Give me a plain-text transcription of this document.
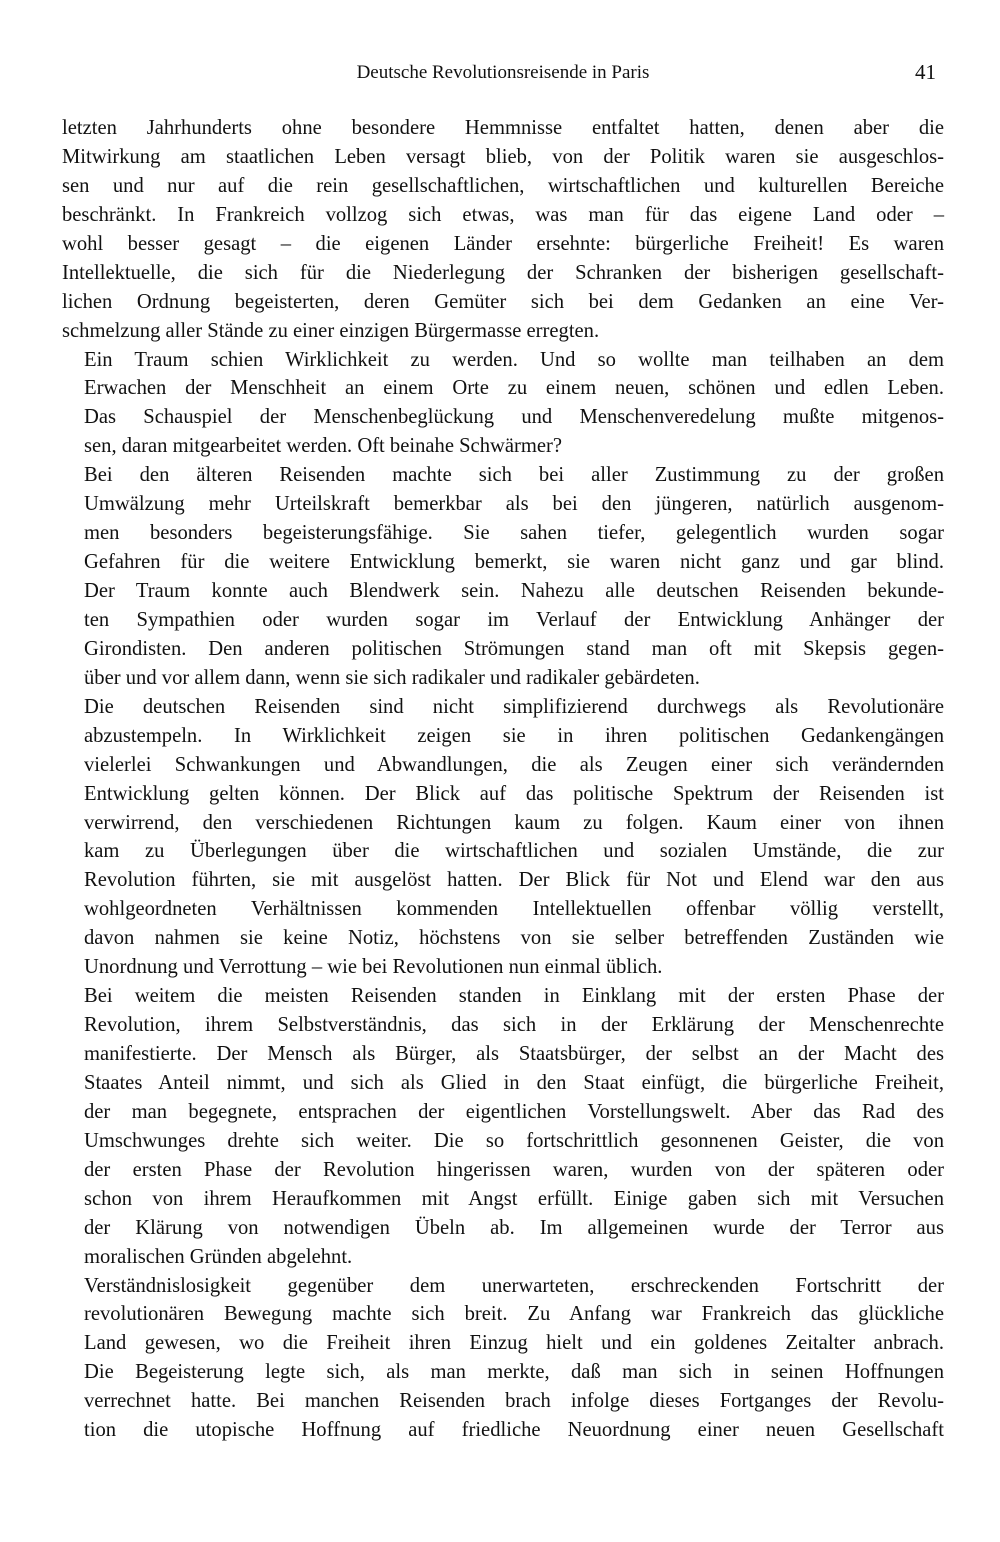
Deutsche Revolutionsreisende in Paris	41

letzten Jahrhunderts ohne besondere Hemmnisse entfaltet hatten, denen aber die
Mitwirkung am staatlichen Leben versagt blieb, von der Politik waren sie ausgeschlos-
sen und nur auf die rein gesellschaftlichen, wirtschaftlichen und kulturellen Bereiche
beschränkt. In Frankreich vollzog sich etwas, was man für das eigene Land oder –
wohl besser gesagt – die eigenen Länder ersehnte: bürgerliche Freiheit! Es waren
Intellektuelle, die sich für die Niederlegung der Schranken der bisherigen gesellschaft-
lichen Ordnung begeisterten, deren Gemüter sich bei dem Gedanken an eine Ver-
schmelzung aller Stände zu einer einzigen Bürgermasse erregten.

Ein Traum schien Wirklichkeit zu werden. Und so wollte man teilhaben an dem
Erwachen der Menschheit an einem Orte zu einem neuen, schönen und edlen Leben.
Das Schauspiel der Menschenbeglückung und Menschenveredelung mußte mitgenos-
sen, daran mitgearbeitet werden. Oft beinahe Schwärmer?

Bei den älteren Reisenden machte sich bei aller Zustimmung zu der großen
Umwälzung mehr Urteilskraft bemerkbar als bei den jüngeren, natürlich ausgenom-
men besonders begeisterungsfähige. Sie sahen tiefer, gelegentlich wurden sogar
Gefahren für die weitere Entwicklung bemerkt, sie waren nicht ganz und gar blind.
Der Traum konnte auch Blendwerk sein. Nahezu alle deutschen Reisenden bekunde-
ten Sympathien oder wurden sogar im Verlauf der Entwicklung Anhänger der
Girondisten. Den anderen politischen Strömungen stand man oft mit Skepsis gegen-
über und vor allem dann, wenn sie sich radikaler und radikaler gebärdeten.

Die deutschen Reisenden sind nicht simplifizierend durchwegs als Revolutionäre
abzustempeln. In Wirklichkeit zeigen sie in ihren politischen Gedankengängen
vielerlei Schwankungen und Abwandlungen, die als Zeugen einer sich verändernden
Entwicklung gelten können. Der Blick auf das politische Spektrum der Reisenden ist
verwirrend, den verschiedenen Richtungen kaum zu folgen. Kaum einer von ihnen
kam zu Überlegungen über die wirtschaftlichen und sozialen Umstände, die zur
Revolution führten, sie mit ausgelöst hatten. Der Blick für Not und Elend war den aus
wohlgeordneten Verhältnissen kommenden Intellektuellen offenbar völlig verstellt,
davon nahmen sie keine Notiz, höchstens von sie selber betreffenden Zuständen wie
Unordnung und Verrottung – wie bei Revolutionen nun einmal üblich.

Bei weitem die meisten Reisenden standen in Einklang mit der ersten Phase der
Revolution, ihrem Selbstverständnis, das sich in der Erklärung der Menschenrechte
manifestierte. Der Mensch als Bürger, als Staatsbürger, der selbst an der Macht des
Staates Anteil nimmt, und sich als Glied in den Staat einfügt, die bürgerliche Freiheit,
der man begegnete, entsprachen der eigentlichen Vorstellungswelt. Aber das Rad des
Umschwunges drehte sich weiter. Die so fortschrittlich gesonnenen Geister, die von
der ersten Phase der Revolution hingerissen waren, wurden von der späteren oder
schon von ihrem Heraufkommen mit Angst erfüllt. Einige gaben sich mit Versuchen
der Klärung von notwendigen Übeln ab. Im allgemeinen wurde der Terror aus
moralischen Gründen abgelehnt.

Verständnislosigkeit gegenüber dem unerwarteten, erschreckenden Fortschritt der
revolutionären Bewegung machte sich breit. Zu Anfang war Frankreich das glückliche
Land gewesen, wo die Freiheit ihren Einzug hielt und ein goldenes Zeitalter anbrach.
Die Begeisterung legte sich, als man merkte, daß man sich in seinen Hoffnungen
verrechnet hatte. Bei manchen Reisenden brach infolge dieses Fortganges der Revolu-
tion die utopische Hoffnung auf friedliche Neuordnung einer neuen Gesellschaft
